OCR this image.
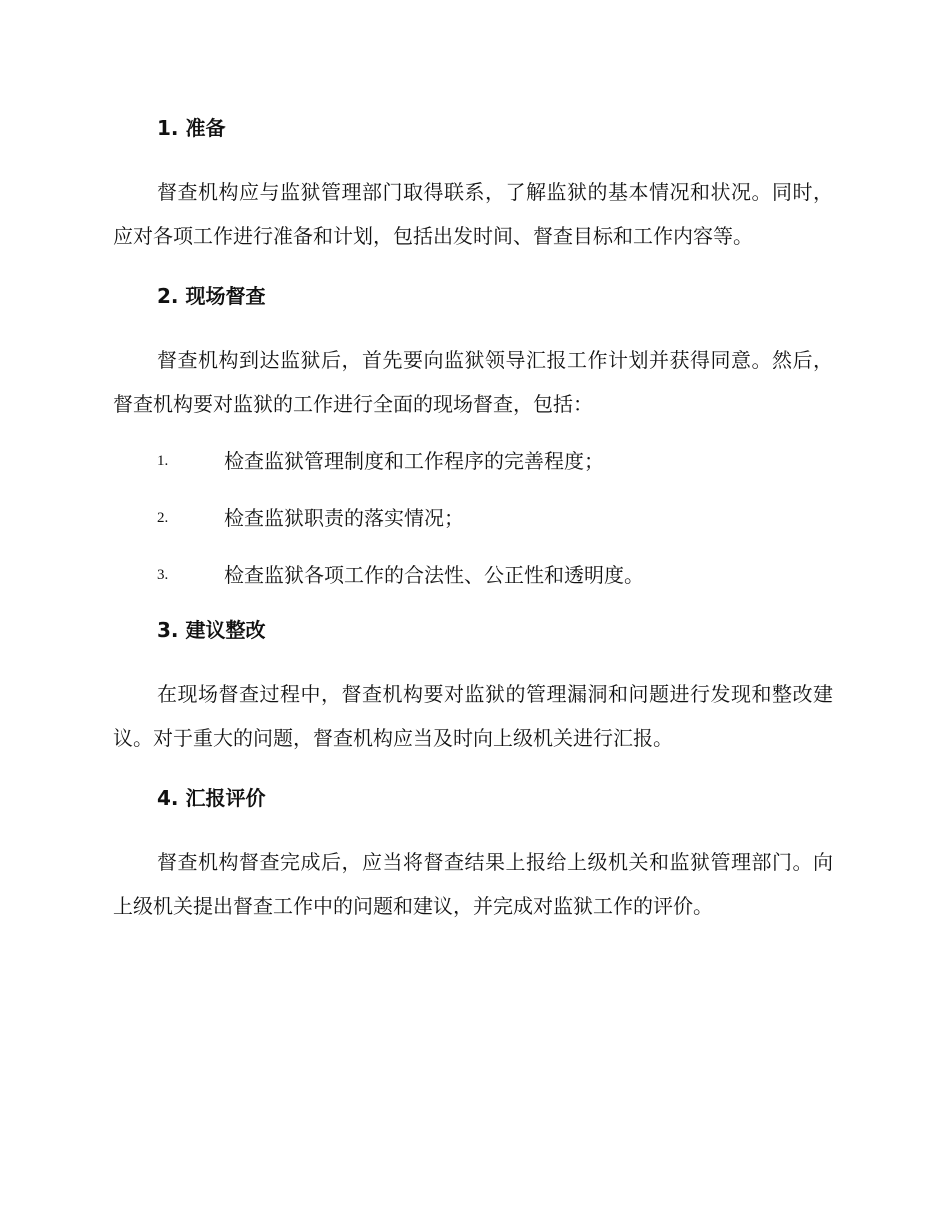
1. 准备

督查机构应与监狱管理部门取得联系，了解监狱的基本情况和状况。同时，应对各项工作进行准备和计划，包括出发时间、督查目标和工作内容等。

2. 现场督查

督查机构到达监狱后，首先要向监狱领导汇报工作计划并获得同意。然后，督查机构要对监狱的工作进行全面的现场督查，包括：

1.	检查监狱管理制度和工作程序的完善程度；
2.	检查监狱职责的落实情况；
3.	检查监狱各项工作的合法性、公正性和透明度。
3. 建议整改

在现场督查过程中，督查机构要对监狱的管理漏洞和问题进行发现和整改建议。对于重大的问题，督查机构应当及时向上级机关进行汇报。

4. 汇报评价

督查机构督查完成后，应当将督查结果上报给上级机关和监狱管理部门。向上级机关提出督查工作中的问题和建议，并完成对监狱工作的评价。
